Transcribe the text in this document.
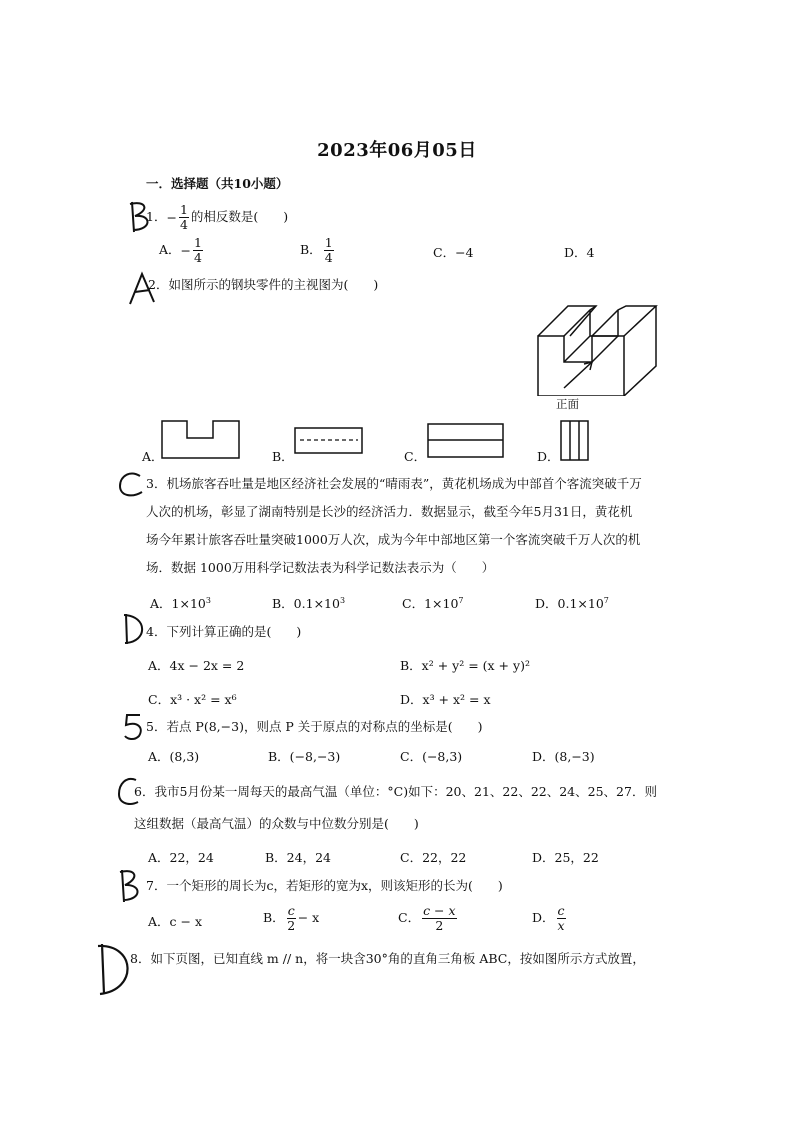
2023年06月05日
一．选择题（共10小题）
1．− $\frac{1}{4}$ 的相反数是(　　)
A．− $\frac{1}{4}$	B． $\frac{1}{4}$	C．−4	D．4
2．如图所示的钢块零件的主视图为(　　)
正面
A．	B．	C．	D．
3．机场旅客吞吐量是地区经济社会发展的“晴雨表”，黄花机场成为中部首个客流突破千万
人次的机场，彰显了湖南特别是长沙的经济活力．数据显示，截至今年5月31日，黄花机
场今年累计旅客吞吐量突破1000万人次，成为今年中部地区第一个客流突破千万人次的机
场．数据 1000万用科学记数法表为科学记数法表示为（　　）
A．$1\times 10^3$	B．$0.1\times 10^3$	C．$1\times 10^7$	D．$0.1\times 10^7$
4．下列计算正确的是(　　)
A．4x − 2x = 2	B．x² + y² = (x + y)²
C．x³ · x² = x⁶	D．x³ + x² = x
5．若点 P(8,−3)，则点 P 关于原点的对称点的坐标是(　　)
A．(8,3)	B．(−8,−3)	C．(−8,3)	D．(8,−3)
6．我市5月份某一周每天的最高气温（单位：°C)如下：20、21、22、22、24、25、27．则
这组数据（最高气温）的众数与中位数分别是(　　)
A．22，24	B．24，24	C．22，22	D．25，22
7．一个矩形的周长为c，若矩形的宽为x，则该矩形的长为(　　)
A．c − x	B． $\frac{c}{2} - x$	C． $\frac{c - x}{2}$	D． $\frac{c}{x}$
8．如下页图，已知直线 m // n，将一块含30°角的直角三角板 ABC，按如图所示方式放置，
